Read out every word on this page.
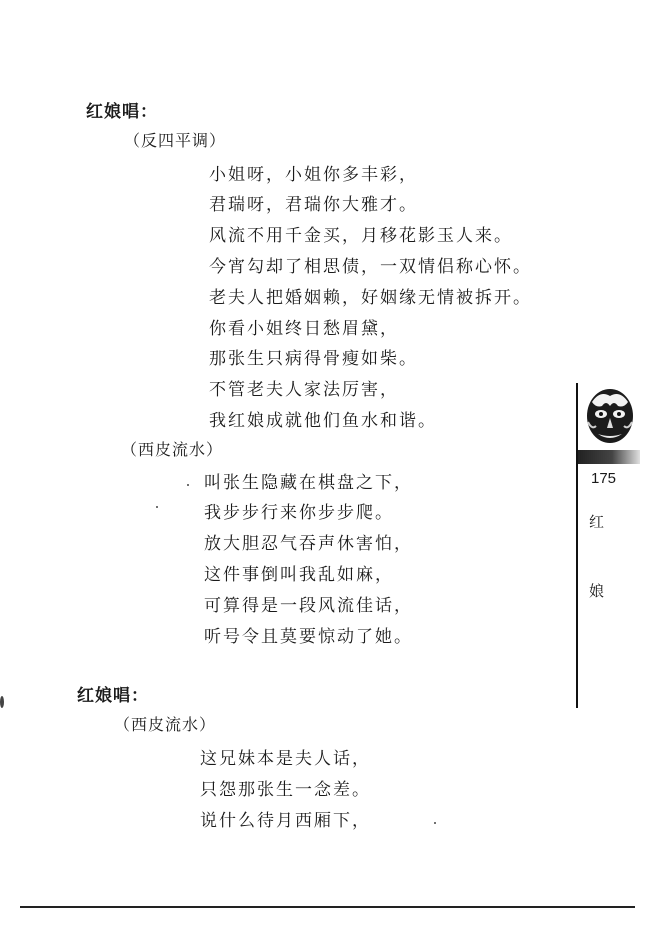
红娘唱：
（反四平调）
小姐呀，小姐你多丰彩，
君瑞呀，君瑞你大雅才。
风流不用千金买，月移花影玉人来。
今宵勾却了相思债，一双情侣称心怀。
老夫人把婚姻赖，好姻缘无情被拆开。
你看小姐终日愁眉黛，
那张生只病得骨瘦如柴。
不管老夫人家法厉害，
我红娘成就他们鱼水和谐。
（西皮流水）
叫张生隐藏在棋盘之下，
我步步行来你步步爬。
放大胆忍气吞声休害怕，
这件事倒叫我乱如麻，
可算得是一段风流佳话，
听号令且莫要惊动了她。
红娘唱：
（西皮流水）
这兄妹本是夫人话，
只怨那张生一念差。
说什么待月西厢下，
175
红
娘
